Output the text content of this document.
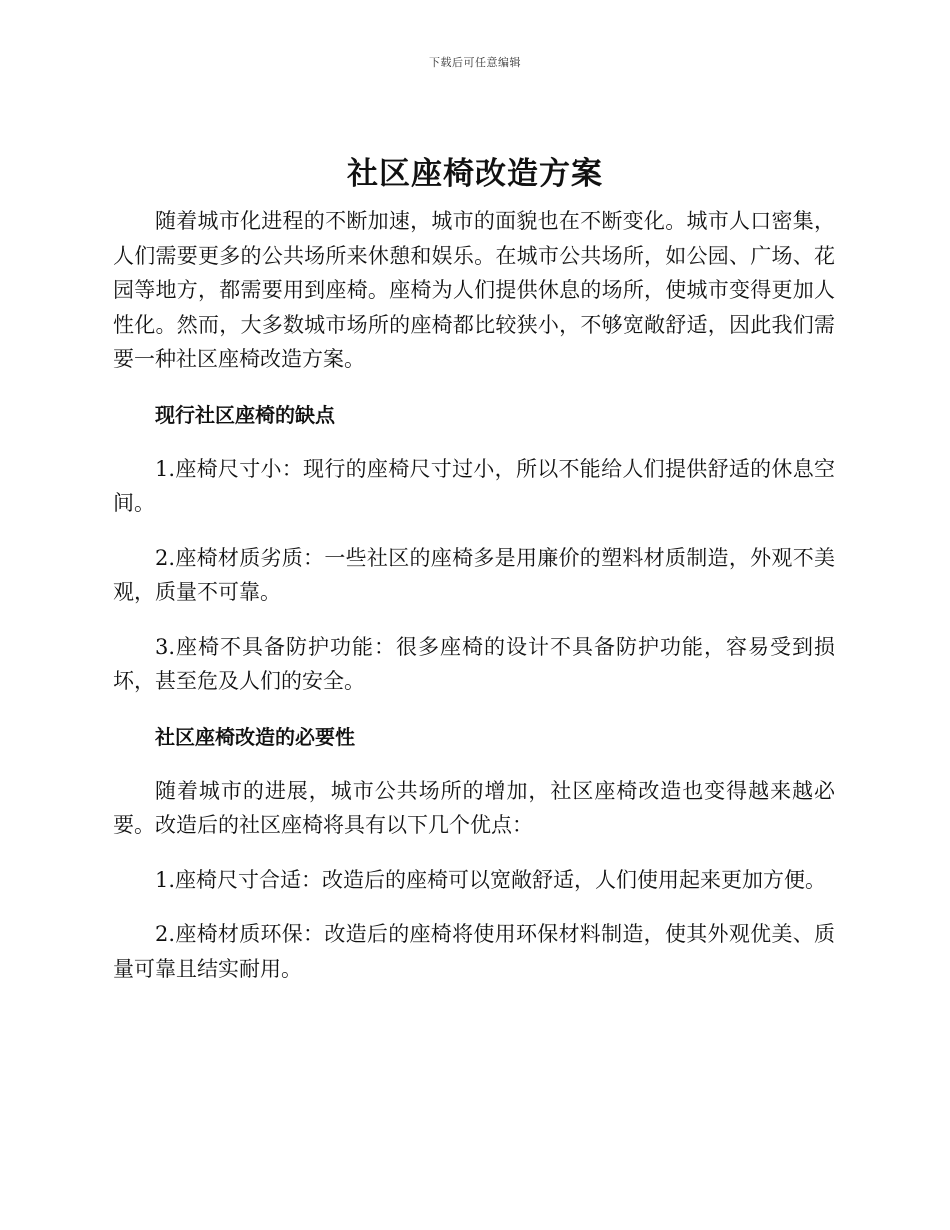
下载后可任意编辑
社区座椅改造方案

随着城市化进程的不断加速，城市的面貌也在不断变化。城市人口密集，人们需要更多的公共场所来休憩和娱乐。在城市公共场所，如公园、广场、花园等地方，都需要用到座椅。座椅为人们提供休息的场所，使城市变得更加人性化。然而，大多数城市场所的座椅都比较狭小，不够宽敞舒适，因此我们需要一种社区座椅改造方案。

现行社区座椅的缺点

1.座椅尺寸小：现行的座椅尺寸过小，所以不能给人们提供舒适的休息空间。

2.座椅材质劣质：一些社区的座椅多是用廉价的塑料材质制造，外观不美观，质量不可靠。

3.座椅不具备防护功能：很多座椅的设计不具备防护功能，容易受到损坏，甚至危及人们的安全。

社区座椅改造的必要性

随着城市的进展，城市公共场所的增加，社区座椅改造也变得越来越必要。改造后的社区座椅将具有以下几个优点：

1.座椅尺寸合适：改造后的座椅可以宽敞舒适，人们使用起来更加方便。

2.座椅材质环保：改造后的座椅将使用环保材料制造，使其外观优美、质量可靠且结实耐用。
